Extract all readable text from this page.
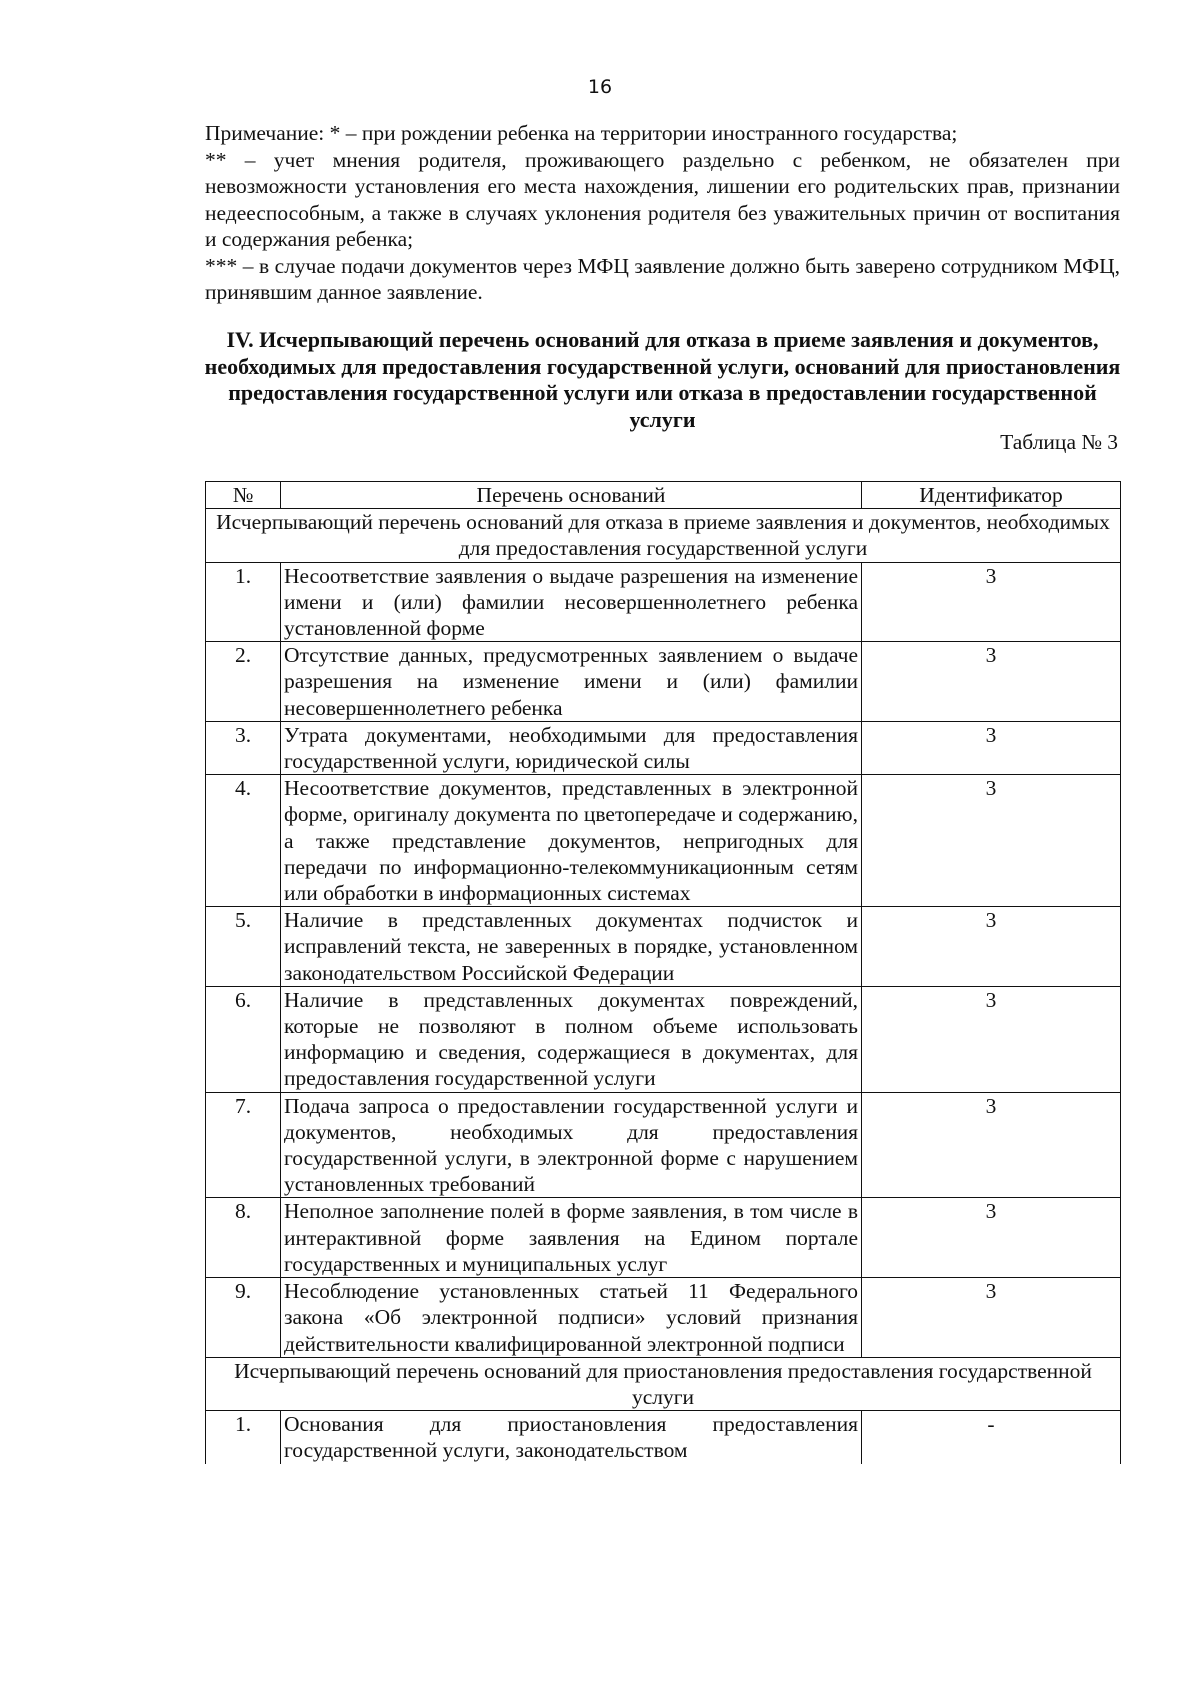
16

Примечание: * – при рождении ребенка на территории иностранного государства;

** – учет мнения родителя, проживающего раздельно с ребенком, не обязателен при невозможности установления его места нахождения, лишении его родительских прав, признании недееспособным, а также в случаях уклонения родителя без уважительных причин от воспитания и содержания ребенка;

*** – в случае подачи документов через МФЦ заявление должно быть заверено сотрудником МФЦ, принявшим данное заявление.

IV. Исчерпывающий перечень оснований для отказа в приеме заявления и документов, необходимых для предоставления государственной услуги, оснований для приостановления предоставления государственной услуги или отказа в предоставлении государственной услуги
Таблица № 3
№	Перечень оснований	Идентификатор
Исчерпывающий перечень оснований для отказа в приеме заявления и документов, необходимых для предоставления государственной услуги		
1.	Несоответствие заявления о выдаче разрешения на изменение имени и (или) фамилии несовершеннолетнего ребенка установленной форме	3
2.	Отсутствие данных, предусмотренных заявлением о выдаче разрешения на изменение имени и (или) фамилии несовершеннолетнего ребенка	3
3.	Утрата документами, необходимыми для предоставления государственной услуги, юридической силы	3
4.	Несоответствие документов, представленных в электронной форме, оригиналу документа по цветопередаче и содержанию, а также представление документов, непригодных для передачи по информационно-телекоммуникационным сетям или обработки в информационных системах	3
5.	Наличие в представленных документах подчисток и исправлений текста, не заверенных в порядке, установленном законодательством Российской Федерации	3
6.	Наличие в представленных документах повреждений, которые не позволяют в полном объеме использовать информацию и сведения, содержащиеся в документах, для предоставления государственной услуги	3
7.	Подача запроса о предоставлении государственной услуги и документов, необходимых для предоставления государственной услуги, в электронной форме с нарушением установленных требований	3
8.	Неполное заполнение полей в форме заявления, в том числе в интерактивной форме заявления на Едином портале государственных и муниципальных услуг	3
9.	Несоблюдение установленных статьей 11 Федерального закона «Об электронной подписи» условий признания действительности квалифицированной электронной подписи	3
Исчерпывающий перечень оснований для приостановления предоставления государственной услуги		
1.	Основания для приостановления предоставления государственной услуги, законодательством	-
